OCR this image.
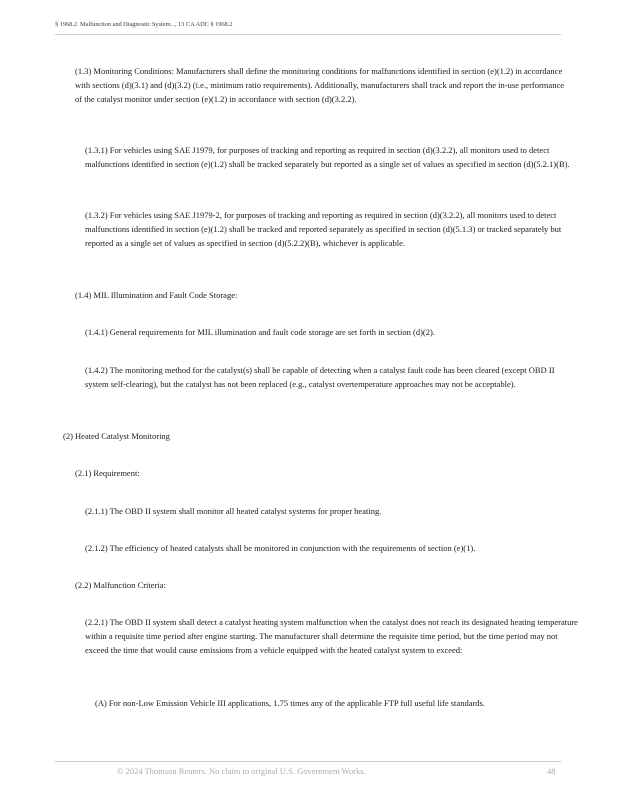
§ 1968.2. Malfunction and Diagnostic System..., 13 CA ADC § 1968.2

(1.3) Monitoring Conditions: Manufacturers shall define the monitoring conditions for malfunctions identified in section (e)(1.2) in accordance with sections (d)(3.1) and (d)(3.2) (i.e., minimum ratio requirements). Additionally, manufacturers shall track and report the in-use performance of the catalyst monitor under section (e)(1.2) in accordance with section (d)(3.2.2).

(1.3.1) For vehicles using SAE J1979, for purposes of tracking and reporting as required in section (d)(3.2.2), all monitors used to detect malfunctions identified in section (e)(1.2) shall be tracked separately but reported as a single set of values as specified in section (d)(5.2.1)(B).

(1.3.2) For vehicles using SAE J1979-2, for purposes of tracking and reporting as required in section (d)(3.2.2), all monitors used to detect malfunctions identified in section (e)(1.2) shall be tracked and reported separately as specified in section (d)(5.1.3) or tracked separately but reported as a single set of values as specified in section (d)(5.2.2)(B), whichever is applicable.

(1.4) MIL Illumination and Fault Code Storage:

(1.4.1) General requirements for MIL illumination and fault code storage are set forth in section (d)(2).

(1.4.2) The monitoring method for the catalyst(s) shall be capable of detecting when a catalyst fault code has been cleared (except OBD II system self-clearing), but the catalyst has not been replaced (e.g., catalyst overtemperature approaches may not be acceptable).

(2) Heated Catalyst Monitoring

(2.1) Requirement:

(2.1.1) The OBD II system shall monitor all heated catalyst systems for proper heating.

(2.1.2) The efficiency of heated catalysts shall be monitored in conjunction with the requirements of section (e)(1).

(2.2) Malfunction Criteria:

(2.2.1) The OBD II system shall detect a catalyst heating system malfunction when the catalyst does not reach its designated heating temperature within a requisite time period after engine starting. The manufacturer shall determine the requisite time period, but the time period may not exceed the time that would cause emissions from a vehicle equipped with the heated catalyst system to exceed:

(A) For non-Low Emission Vehicle III applications, 1.75 times any of the applicable FTP full useful life standards.

© 2024 Thomson Reuters. No claim to original U.S. Government Works.	48
